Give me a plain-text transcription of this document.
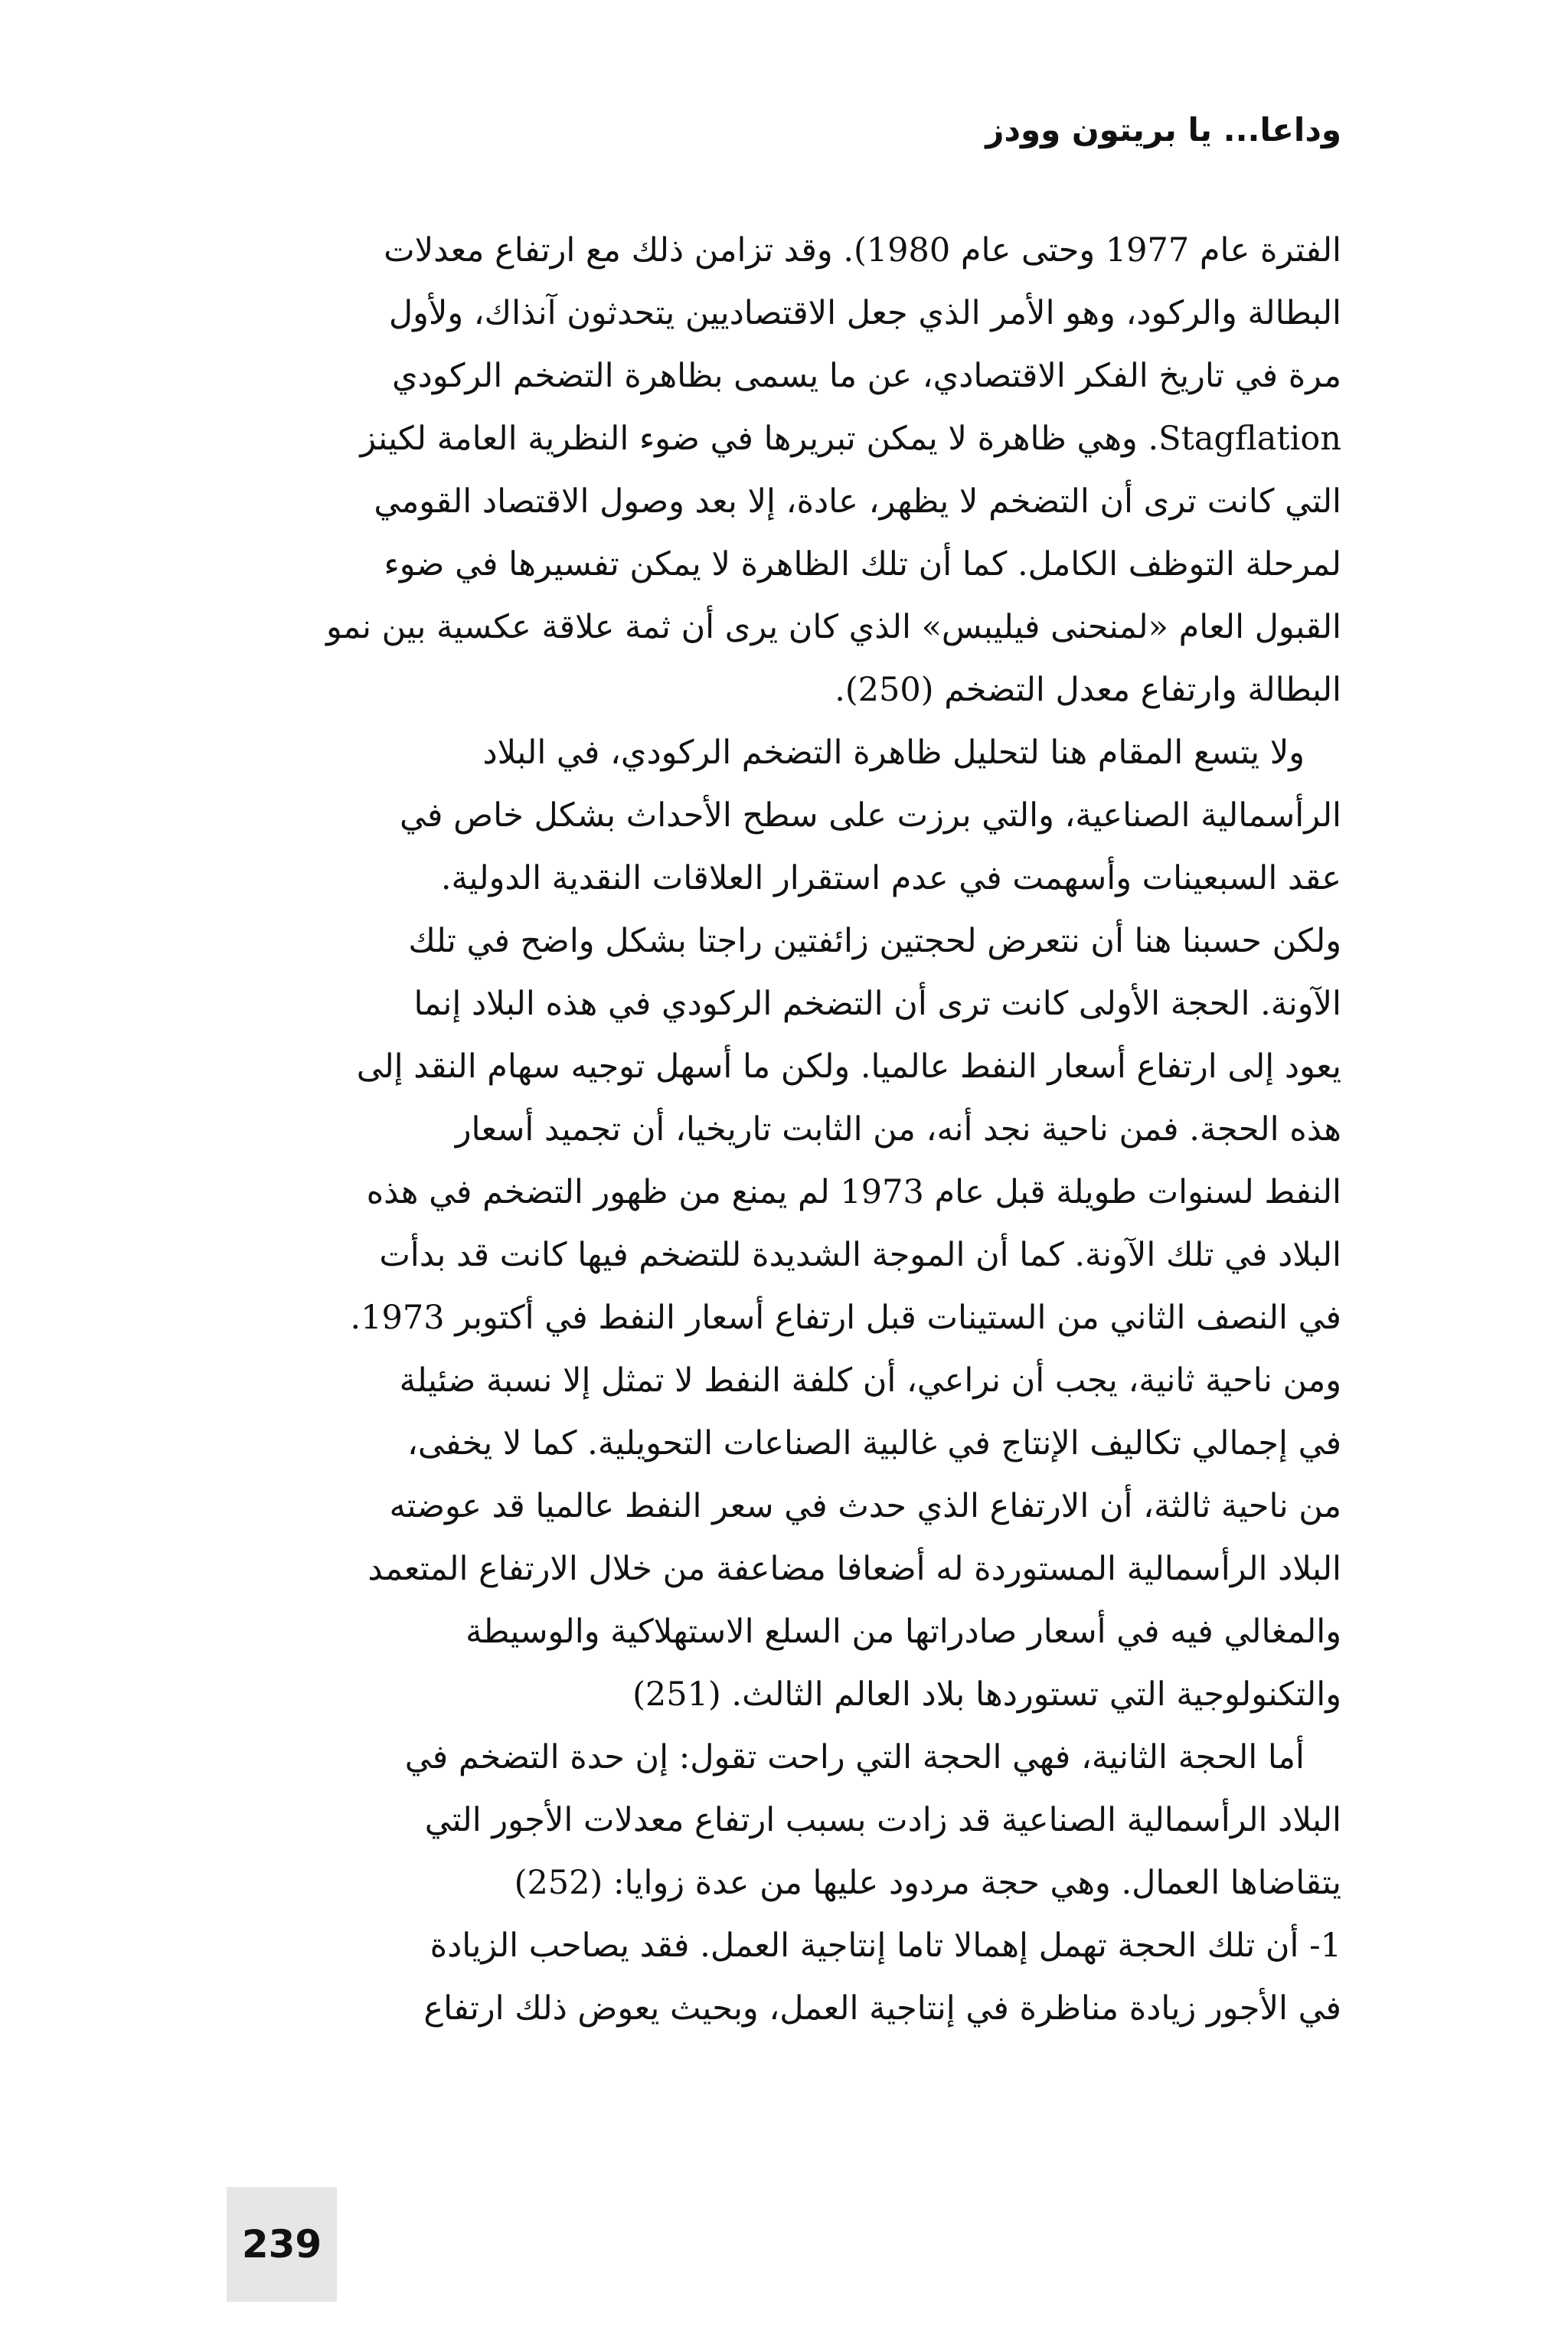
وداعا... يا بريتون وودز
الفترة عام 1977 وحتى عام 1980). وقد تزامن ذلك مع ارتفاع معدلات
البطالة والركود، وهو الأمر الذي جعل الاقتصاديين يتحدثون آنذاك، ولأول
مرة في تاريخ الفكر الاقتصادي، عن ما يسمى بظاهرة التضخم الركودي
Stagflation. وهي ظاهرة لا يمكن تبريرها في ضوء النظرية العامة لكينز
التي كانت ترى أن التضخم لا يظهر، عادة، إلا بعد وصول الاقتصاد القومي
لمرحلة التوظف الكامل. كما أن تلك الظاهرة لا يمكن تفسيرها في ضوء
القبول العام «لمنحنى فيليبس» الذي كان يرى أن ثمة علاقة عكسية بين نمو
البطالة وارتفاع معدل التضخم (250).
ولا يتسع المقام هنا لتحليل ظاهرة التضخم الركودي، في البلاد
الرأسمالية الصناعية، والتي برزت على سطح الأحداث بشكل خاص في
عقد السبعينات وأسهمت في عدم استقرار العلاقات النقدية الدولية.
ولكن حسبنا هنا أن نتعرض لحجتين زائفتين راجتا بشكل واضح في تلك
الآونة. الحجة الأولى كانت ترى أن التضخم الركودي في هذه البلاد إنما
يعود إلى ارتفاع أسعار النفط عالميا. ولكن ما أسهل توجيه سهام النقد إلى
هذه الحجة. فمن ناحية نجد أنه، من الثابت تاريخيا، أن تجميد أسعار
النفط لسنوات طويلة قبل عام 1973 لم يمنع من ظهور التضخم في هذه
البلاد في تلك الآونة. كما أن الموجة الشديدة للتضخم فيها كانت قد بدأت
في النصف الثاني من الستينات قبل ارتفاع أسعار النفط في أكتوبر 1973.
ومن ناحية ثانية، يجب أن نراعي، أن كلفة النفط لا تمثل إلا نسبة ضئيلة
في إجمالي تكاليف الإنتاج في غالبية الصناعات التحويلية. كما لا يخفى،
من ناحية ثالثة، أن الارتفاع الذي حدث في سعر النفط عالميا قد عوضته
البلاد الرأسمالية المستوردة له أضعافا مضاعفة من خلال الارتفاع المتعمد
والمغالي فيه في أسعار صادراتها من السلع الاستهلاكية والوسيطة
والتكنولوجية التي تستوردها بلاد العالم الثالث. (251)
أما الحجة الثانية، فهي الحجة التي راحت تقول: إن حدة التضخم في
البلاد الرأسمالية الصناعية قد زادت بسبب ارتفاع معدلات الأجور التي
يتقاضاها العمال. وهي حجة مردود عليها من عدة زوايا: (252)
1- أن تلك الحجة تهمل إهمالا تاما إنتاجية العمل. فقد يصاحب الزيادة
في الأجور زيادة مناظرة في إنتاجية العمل، وبحيث يعوض ذلك ارتفاع
239
